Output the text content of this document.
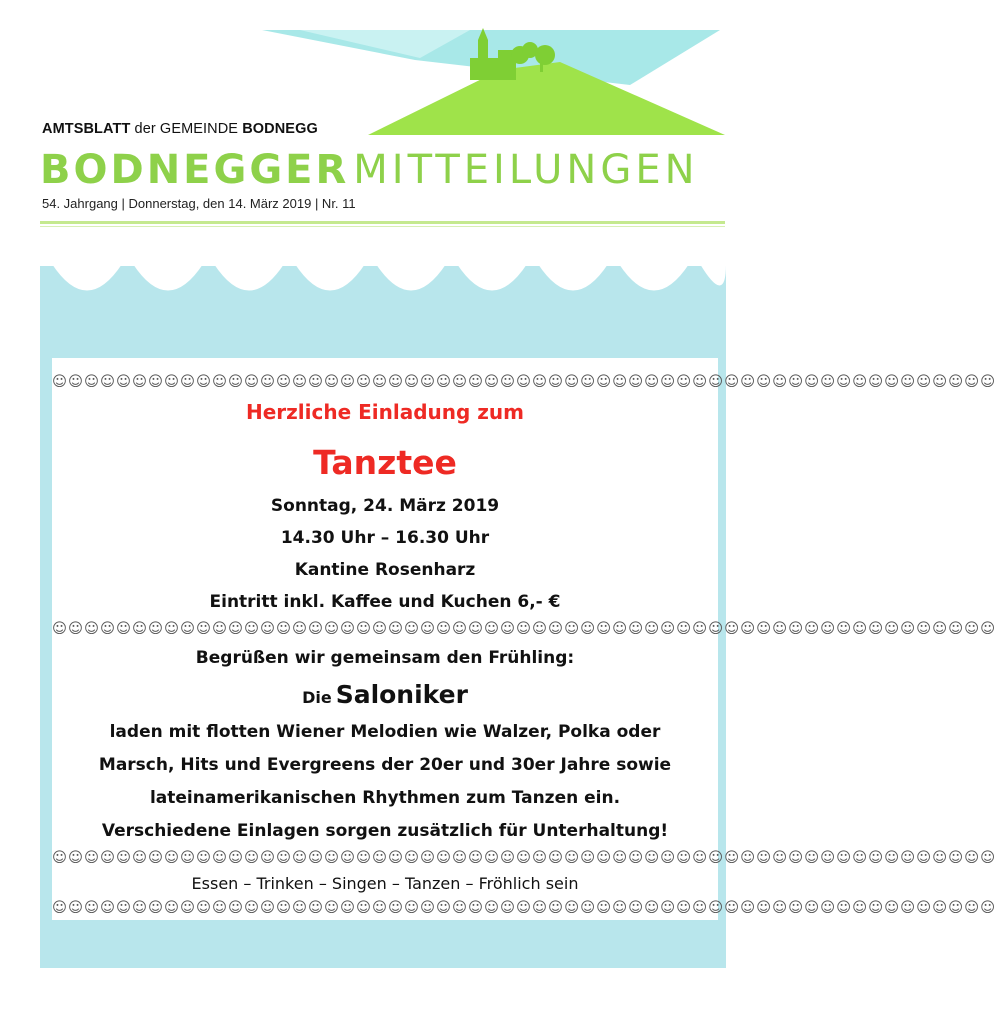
AMTSBLATT der GEMEINDE BODNEGG
BODNEGGER MITTEILUNGEN
54. Jahrgang | Donnerstag, den 14. März 2019 | Nr. 11
☺☺☺☺☺☺☺☺☺☺☺☺☺☺☺☺☺☺☺☺☺☺☺☺☺☺☺☺☺☺☺☺☺☺☺☺☺☺☺☺☺☺☺☺☺☺☺☺☺☺☺☺☺☺☺☺☺☺☺
Herzliche Einladung zum
Tanztee
Sonntag, 24. März 2019
14.30 Uhr – 16.30 Uhr
Kantine Rosenharz
Eintritt inkl. Kaffee und Kuchen 6,- €
☺☺☺☺☺☺☺☺☺☺☺☺☺☺☺☺☺☺☺☺☺☺☺☺☺☺☺☺☺☺☺☺☺☺☺☺☺☺☺☺☺☺☺☺☺☺☺☺☺☺☺☺☺☺☺☺☺☺☺
Begrüßen wir gemeinsam den Frühling:
Die Saloniker
laden mit flotten Wiener Melodien wie Walzer, Polka oder
Marsch, Hits und Evergreens der 20er und 30er Jahre sowie
lateinamerikanischen Rhythmen zum Tanzen ein.
Verschiedene Einlagen sorgen zusätzlich für Unterhaltung!
☺☺☺☺☺☺☺☺☺☺☺☺☺☺☺☺☺☺☺☺☺☺☺☺☺☺☺☺☺☺☺☺☺☺☺☺☺☺☺☺☺☺☺☺☺☺☺☺☺☺☺☺☺☺☺☺☺☺☺
Essen – Trinken – Singen – Tanzen – Fröhlich sein
☺☺☺☺☺☺☺☺☺☺☺☺☺☺☺☺☺☺☺☺☺☺☺☺☺☺☺☺☺☺☺☺☺☺☺☺☺☺☺☺☺☺☺☺☺☺☺☺☺☺☺☺☺☺☺☺☺☺☺
